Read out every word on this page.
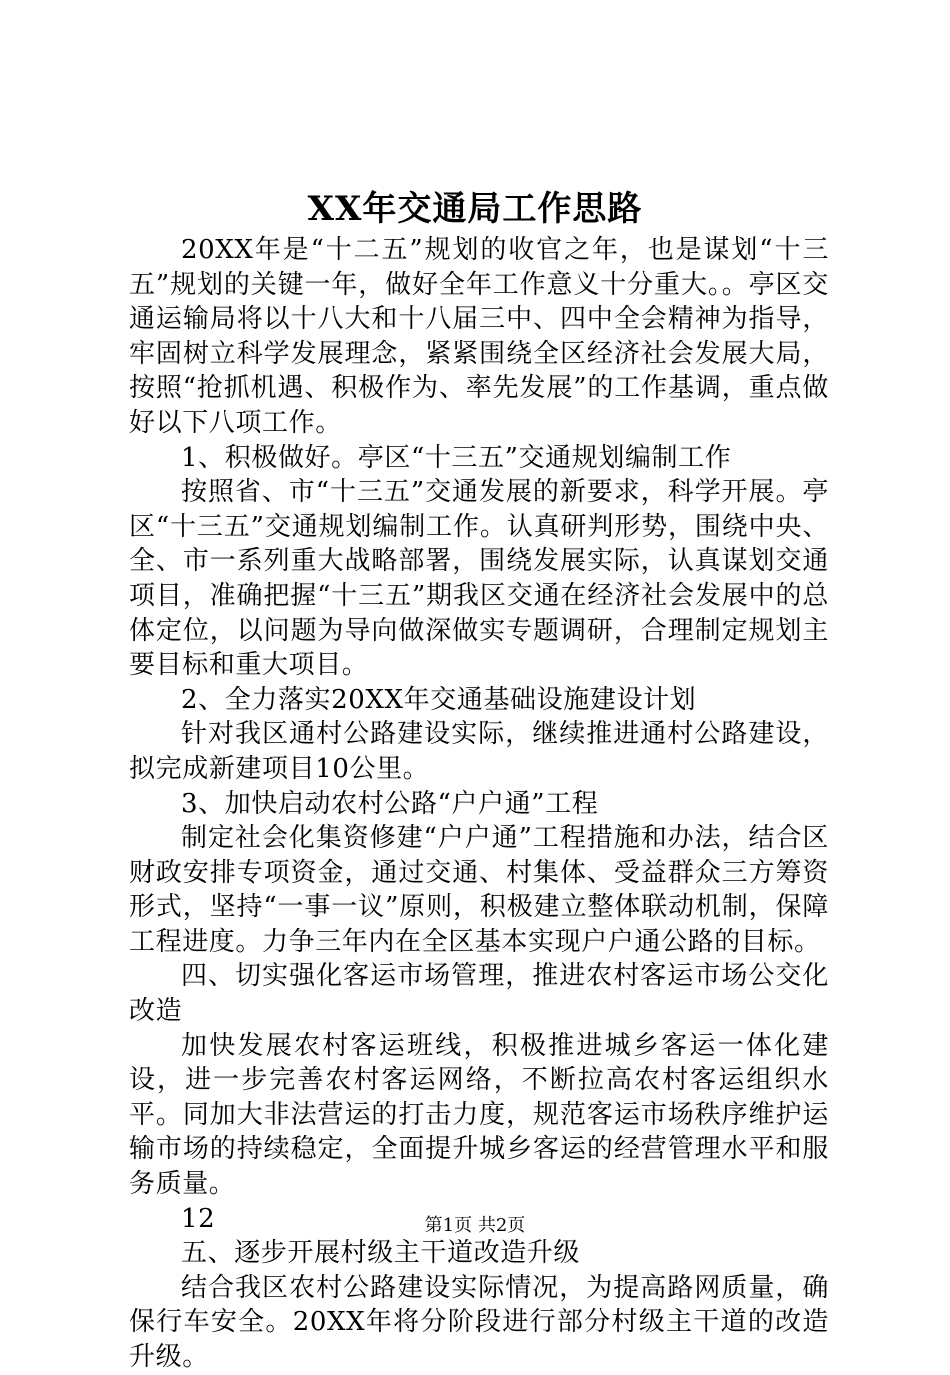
XX年交通局工作思路

20XX年是“十二五”规划的收官之年，也是谋划“十三五”规划的关键一年，做好全年工作意义十分重大。。亭区交通运输局将以十八大和十八届三中、四中全会精神为指导，牢固树立科学发展理念，紧紧围绕全区经济社会发展大局，按照“抢抓机遇、积极作为、率先发展”的工作基调，重点做好以下八项工作。

1、积极做好。亭区“十三五”交通规划编制工作

按照省、市“十三五”交通发展的新要求，科学开展。亭区“十三五”交通规划编制工作。认真研判形势，围绕中央、全、市一系列重大战略部署，围绕发展实际，认真谋划交通项目，准确把握“十三五”期我区交通在经济社会发展中的总体定位，以问题为导向做深做实专题调研，合理制定规划主要目标和重大项目。

2、全力落实20XX年交通基础设施建设计划

针对我区通村公路建设实际，继续推进通村公路建设，拟完成新建项目10公里。

3、加快启动农村公路“户户通”工程

制定社会化集资修建“户户通”工程措施和办法，结合区财政安排专项资金，通过交通、村集体、受益群众三方筹资形式，坚持“一事一议”原则，积极建立整体联动机制，保障工程进度。力争三年内在全区基本实现户户通公路的目标。

四、切实强化客运市场管理，推进农村客运市场公交化改造

加快发展农村客运班线，积极推进城乡客运一体化建设，进一步完善农村客运网络，不断拉高农村客运组织水平。同加大非法营运的打击力度，规范客运市场秩序维护运输市场的持续稳定，全面提升城乡客运的经营管理水平和服务质量。

12

五、逐步开展村级主干道改造升级

结合我区农村公路建设实际情况，为提高路网质量，确保行车安全。20XX年将分阶段进行部分村级主干道的改造升级。

第1页 共2页
